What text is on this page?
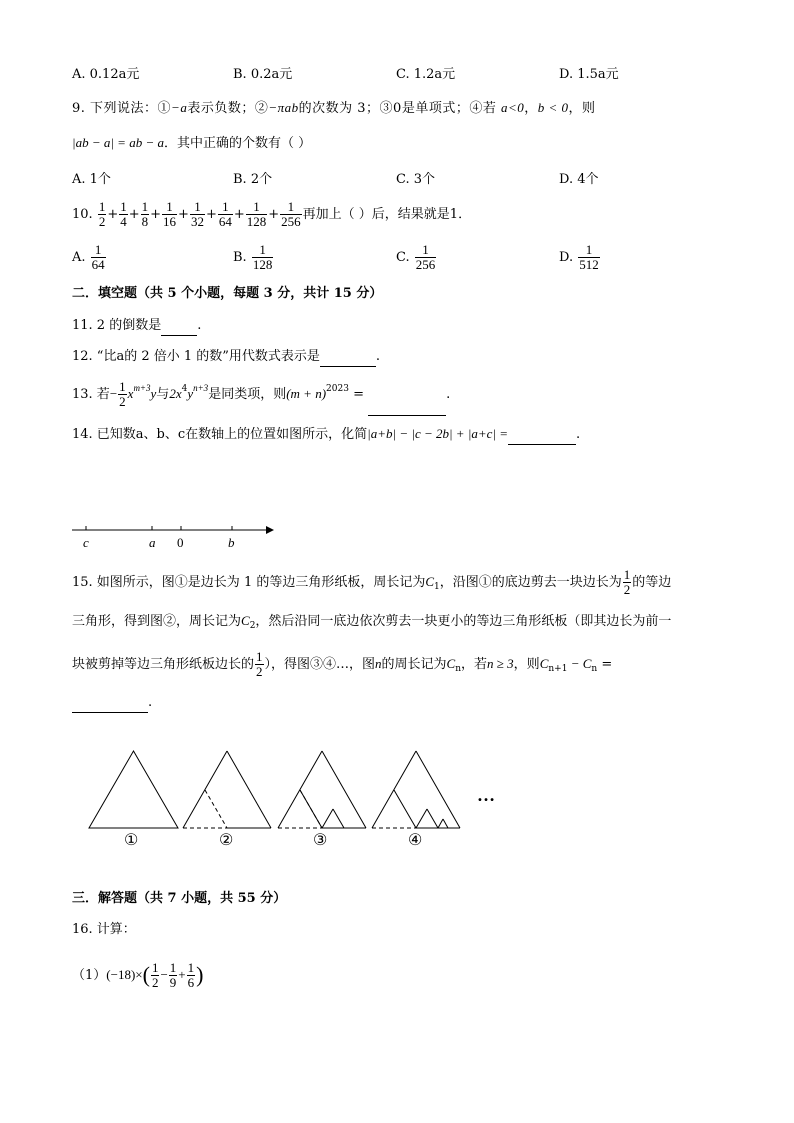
A. 0.12a元	B. 0.2a元	C. 1.2a元	D. 1.5a元
9. 下列说法：①−a表示负数；②−πab的次数为 3；③0是单项式；④若 a<0，b < 0，则
|ab − a| = ab − a．其中正确的个数有（ ）
A. 1个	B. 2个	C. 3个	D. 4个
10. $\frac{1}{2} + \frac{1}{4} + \frac{1}{8} + \frac{1}{16} + \frac{1}{32} + \frac{1}{64} + \frac{1}{128} + \frac{1}{256}$ 再加上（ ）后，结果就是1．
A. $\frac{1}{64}$	B. $\frac{1}{128}$	C. $\frac{1}{256}$	D. $\frac{1}{512}$
二．填空题（共 5 个小题，每题 3 分，共计 15 分）
11. 2 的倒数是	.
12. “比a的 2 倍小 1 的数”用代数式表示是	.
13. 若− $\frac{1}{2} x^{m+3}y$与$2x^4y^{n+3}$是同类项，则$(m + n)^{2023}$ =	.
14. 已知数a、b、c在数轴上的位置如图所示，化简|a+b| − |c − 2b| + |a+c| =	.
c	a 0	b
15. 如图所示，图①是边长为 1 的等边三角形纸板，周长记为$C_1$，沿图①的底边剪去一块边长为 $\frac{1}{2}$ 的等边
三角形，得到图②，周长记为$C_2$，然后沿同一底边依次剪去一块更小的等边三角形纸板（即其边长为前一
块被剪掉等边三角形纸板边长的 $\frac{1}{2}$ ），得图③④…，图n的周长记为$C_n$，若n ≥ 3，则$C_{n+1} - C_n$ =
.
…
①	②	③	④
三．解答题（共 7 小题，共 55 分）
16. 计算：
$(1)(-18)\times( \frac{1}{2} - \frac{1}{9} + \frac{1}{6}$ )
